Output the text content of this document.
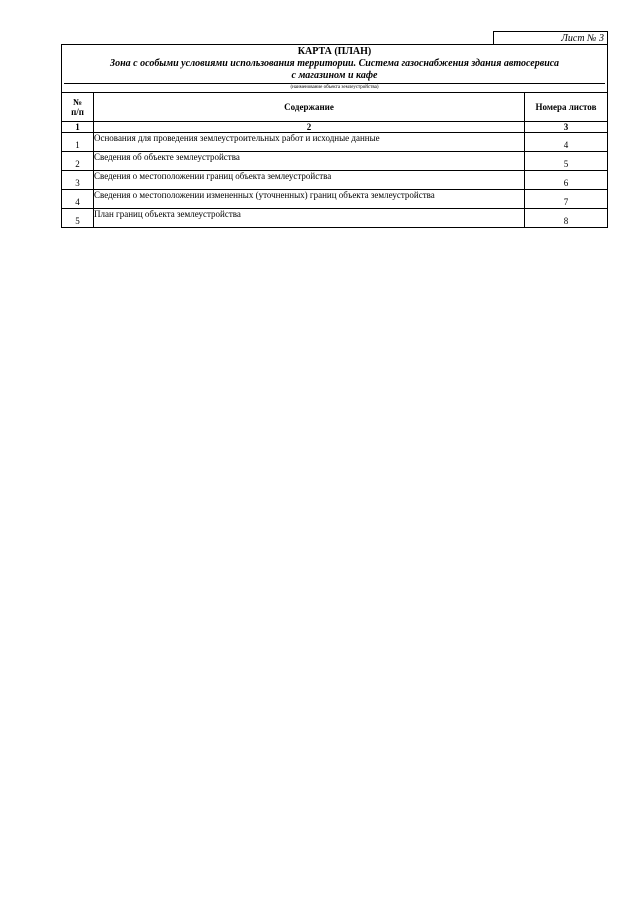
Лист № 3
КАРТА (ПЛАН)
Зона с особыми условиями использования территории. Система газоснабжения здания автосервиса
с магазином и кафе
(наименование объекта землеустройства)
№
п/п	Содержание	Номера листов
1	2	3
1	Основания для проведения землеустроительных работ и исходные данные	4
2	Сведения об объекте землеустройства	5
3	Сведения о местоположении границ объекта землеустройства	6
4	Сведения о местоположении измененных (уточненных) границ объекта землеустройства	7
5	План границ объекта землеустройства	8
